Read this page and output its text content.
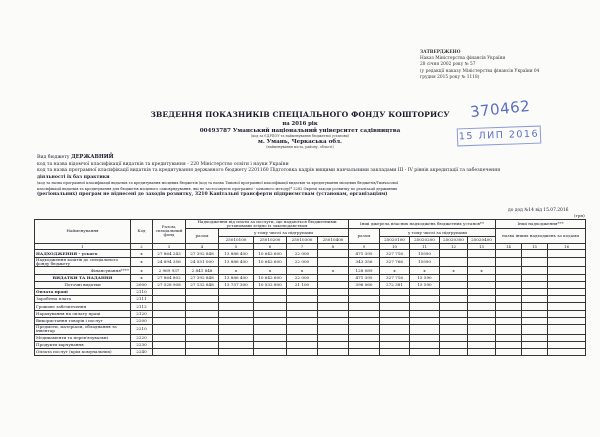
ЗАТВЕРДЖЕНО
Наказ Міністерства фінансів України
28 січня 2002 року № 57
(у редакції наказу Міністерства фінансів України 04
грудня 2015 року № 1118)
370462
15 ЛИП 2016
ЗВЕДЕННЯ ПОКАЗНИКІВ СПЕЦІАЛЬНОГО ФОНДУ КОШТОРИСУ
на 2016 рік
00493787 Уманський національний університет садівництва
(код за ЄДРПОУ та найменування бюджетної установи)
м. Умань, Черкаська обл.
(найменування міста, району, області)
Вид бюджету ДЕРЖАВНИЙ
код та назва відомчої класифікації видатків та кредитування - 220 Міністерство освіти і науки України
код та назва програмної класифікації видатків та кредитування державного бюджету 2201160 Підготовка кадрів вищими навчальними закладами ІІІ - IV рівнів акредитації та забезпечення
діяльності їх баз практики
(код та назва програмної класифікації видатків та кредитування місцевих бюджетів (код та назва Типової програмної класифікації видатків та кредитування місцевих бюджетів/Тимчасової
класифікації видатків та кредитування для бюджетів місцевого самоврядування, які не застосовують програмно - цільового методу)* 2282 Окремі заходи розвитку по реалізації державних
(регіональних) програм не віднесені до заходів розвитку, 3210 Капітальні трансферти підприємствам (установам, організаціям)
до дод №14 від 15.07.2016
(грн)															
Найменування	Код	Разом, спеціальний фонд	Надходження від плати за послуги, що надаються бюджетними установами згідно із законодавством					Інші джерела власних надходжень бюджетних установ**					Інші надходження***		
			разом	у тому числі за підгрупами				разом	у тому числі за підгрупами				назва інших надходжень за кодами		
				25010100	25010200	25010300	25010400		25020100	25020200	25020300	25020400			
1	2	3	4	5	6	7	8	9	10	11	12	13	14	15	16
НАДХОДЖЕННЯ - усього	x	27 864 243	27 392 848	13 886 400	10 642 600	22 000		471 395	327 716	15590					
Надходження коштів до спеціального фонду бюджету	x	24 894 356	24 551 000	13 886 400	10 642 600	22 000		343 356	327 766	15590					
Фінансування****	x	2 969 937	2 841 848	x	x	x	x	128 089	x	x	x	x			
ВИДАТКИ ТА НАДАННЯ	x	27 864 802	27 392 848	13 886 400	10 642 600	22 000		471 395	327 716	15 590					
Поточні видатки	2000	27 528 908	27 132 848	13 737 300	10 532 800	21 100		396 060	272 381	15 590					
Оплата праці	2110														
Заробітна плата	2111														
Грошове забезпечення	2112														
Нарахування на оплату праці	2120														
Використання товарів і послуг	2200														
Предмети, матеріали, обладнання та інвентар	2210														
Медикаменти та перев'язувальні	2220														
Продукти харчування	2230														
Оплата послуг (крім комунальних)	2240														
